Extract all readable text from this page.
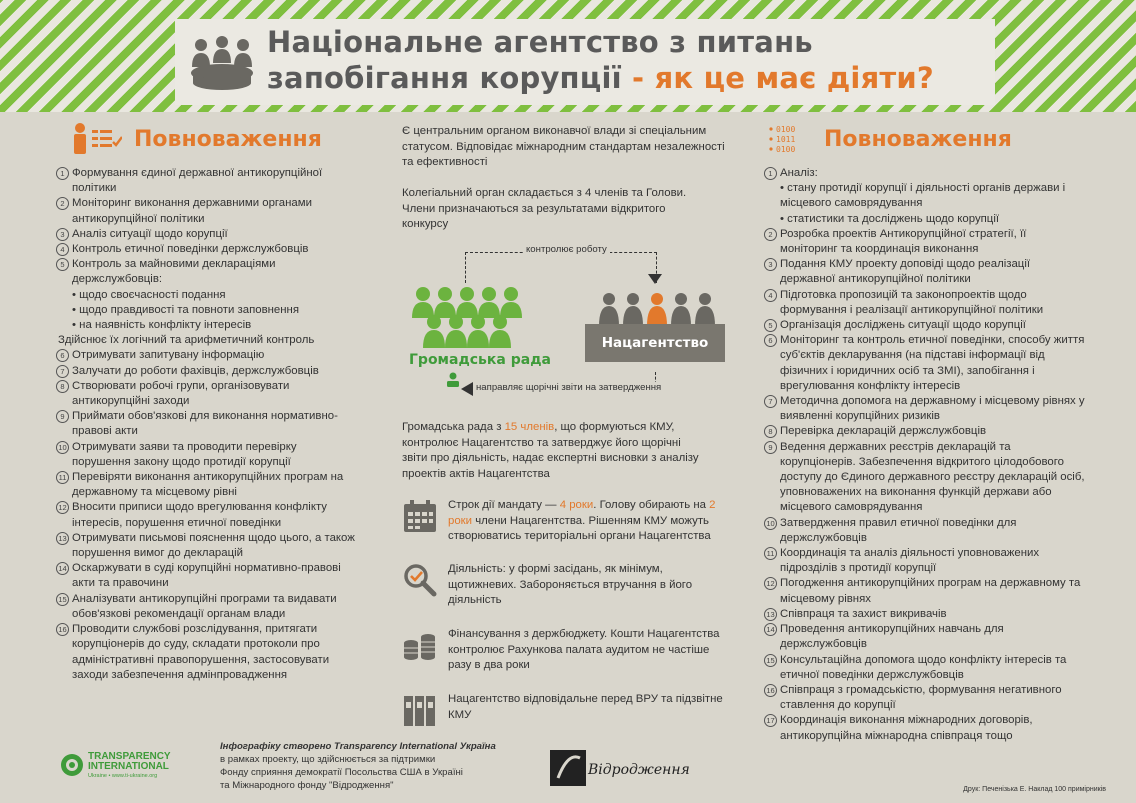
Національне агентство з питань
запобігання корупції - як це має діяти?
Повноваження
1 Формування єдиної державної антикорупційної політики
2 Моніторинг виконання державними органами антикорупційної політики
3 Аналіз ситуації щодо корупції
4 Контроль етичної поведінки держслужбовців
5 Контроль за майновими деклараціями держслужбовців:
• щодо своєчасності подання
• щодо правдивості та повноти заповнення
• на наявність конфлікту інтересів
Здійснює їх логічний та арифметичний контроль
6 Отримувати запитувану інформацію
7 Залучати до роботи фахівців, держслужбовців
8 Створювати робочі групи, організовувати антикорупційні заходи
9 Приймати обов'язкові для виконання нормативно-правові акти
10 Отримувати заяви та проводити перевірку порушення закону щодо протидії корупції
11 Перевіряти виконання антикорупційних програм на державному та місцевому рівні
12 Вносити приписи щодо врегулювання конфлікту інтересів, порушення етичної поведінки
13 Отримувати письмові пояснення щодо цього, а також порушення вимог до декларацій
14 Оскаржувати в суді корупційні нормативно-правові акти та правочини
15 Аналізувати антикорупційні програми та видавати обов'язкові рекомендації органам влади
16 Проводити службові розслідування, притягати корупціонерів до суду, складати протоколи про адміністративні правопорушення, застосовувати заходи забезпечення адмінпровадження
Є центральним органом виконавчої влади зі спеціальним статусом. Відповідає міжнародним стандартам незалежності та ефективності
Колегіальний орган складається з 4 членів та Голови. Члени призначаються за результатами відкритого конкурсу
контролює роботу
Громадська рада
Нацагентство
направляє щорічні звіти на затвердження
Громадська рада з 15 членів, що формуються КМУ, контролює Нацагентство та затверджує його щорічні звіти про діяльність, надає експертні висновки з аналізу проектів актів Нацагентства
Строк дії мандату — 4 роки. Голову обирають на 2 роки члени Нацагентства. Рішенням КМУ можуть створюватись територіальні органи Нацагентства
Діяльність: у формі засідань, як мінімум, щотижневих. Забороняється втручання в його діяльність
Фінансування з держбюджету. Кошти Нацагентства контролює Рахункова палата аудитом не частіше разу в два роки
Нацагентство відповідальне перед ВРУ та підзвітне КМУ
0100
1011
0100 Повноваження
1 Аналіз:
• стану протидії корупції і діяльності органів держави і місцевого самоврядування
• статистики та досліджень щодо корупції
2 Розробка проектів Антикорупційної стратегії, її моніторинг та координація виконання
3 Подання КМУ проекту доповіді щодо реалізації державної антикорупційної політики
4 Підготовка пропозицій та законопроектів щодо формування і реалізації антикорупційної політики
5 Організація досліджень ситуації щодо корупції
6 Моніторинг та контроль етичної поведінки, способу життя суб'єктів декларування (на підставі інформації від фізичних і юридичних осіб та ЗМІ), запобігання і врегулювання конфлікту інтересів
7 Методична допомога на державному і місцевому рівнях у виявленні корупційних ризиків
8 Перевірка декларацій держслужбовців
9 Ведення державних реєстрів декларацій та корупціонерів. Забезпечення відкритого цілодобового доступу до Єдиного державного реєстру декларацій осіб, уповноважених на виконання функцій держави або місцевого самоврядування
10 Затвердження правил етичної поведінки для держслужбовців
11 Координація та аналіз діяльності уповноважених підрозділів з протидії корупції
12 Погодження антикорупційних програм на державному та місцевому рівнях
13 Співпраця та захист викривачів
14 Проведення антикорупційних навчань для держслужбовців
15 Консультаційна допомога щодо конфлікту інтересів та етичної поведінки держслужбовців
16 Співпраця з громадськістю, формування негативного ставлення до корупції
17 Координація виконання міжнародних договорів, антикорупційна міжнародна співпраця тощо
TRANSPARENCY
INTERNATIONAL
Ukraine • www.ti-ukraine.org
Інфографіку створено Transparency International Україна
в рамках проекту, що здійснюється за підтримки
Фонду сприяння демократії Посольства США в Україні
та Міжнародного фонду "Відродження"
Відродження
Друк: Печенізька Е. Наклад 100 примірників
